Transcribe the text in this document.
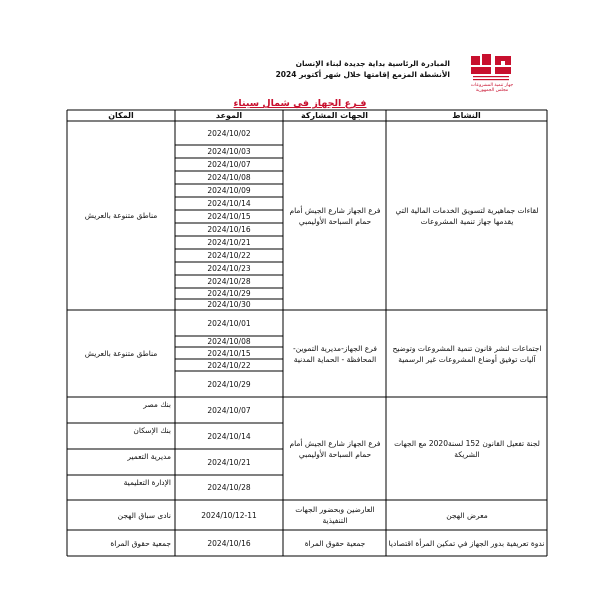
المبادرة الرئاسية بداية جديدة لبناء الإنسان
الأنشطة المزمع إقامتها خلال شهر أكتوبر 2024
جهاز تنمية المشروعات
مجلس الجمهورية
فـرع الجهاز في شمال سيناء
النشاط
الجهات المشاركة
الموعد
المكان
لقاءات جماهيرية لتسويق الخدمات المالية التي يقدمها جهاز تنمية المشروعات
فرع الجهاز شارع الجيش أمام حمام السباحة الأوليمبي
مناطق متنوعة بالعريش
2024/10/02
2024/10/03
2024/10/07
2024/10/08
2024/10/09
2024/10/14
2024/10/15
2024/10/16
2024/10/21
2024/10/22
2024/10/23
2024/10/28
2024/10/29
2024/10/30
اجتماعات لنشر قانون تنمية المشروعات وتوضيح آليات توفيق أوضاع المشروعات غير الرسمية
فرع الجهاز-مديرية التموين-المحافظة - الحماية المدنية
مناطق متنوعة بالعريش
2024/10/01
2024/10/08
2024/10/15
2024/10/22
2024/10/29
لجنة تفعيل القانون 152 لسنة2020 مع الجهات الشريكة
فرع الجهاز شارع الجيش أمام حمام السباحة الأوليمبي
2024/10/07
2024/10/14
2024/10/21
2024/10/28
بنك مصر
بنك الإسكان
مديرية التعمير
الإدارة التعليمية
معرض الهجن
العارضين وبحضور الجهات التنفيذية
2024/10/12-11
نادى سباق الهجن
ندوة تعريفية بدور الجهاز في تمكين المرأة اقتصاديا
جمعية حقوق المراة
2024/10/16
جمعية حقوق المراة
